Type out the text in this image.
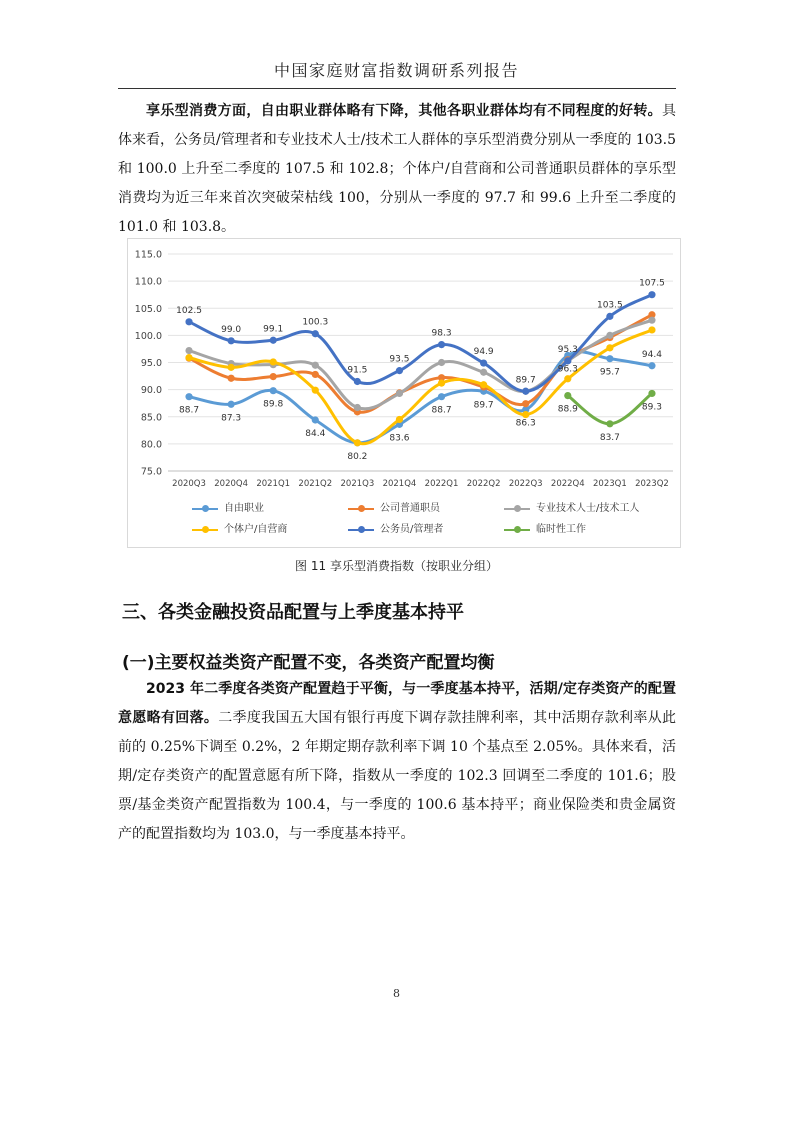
中国家庭财富指数调研系列报告

享乐型消费方面，自由职业群体略有下降，其他各职业群体均有不同程度的好转。具体来看，公务员/管理者和专业技术人士/技术工人群体的享乐型消费分别从一季度的 103.5 和 100.0 上升至二季度的 107.5 和 102.8；个体户/自营商和公司普通职员群体的享乐型消费均为近三年来首次突破荣枯线 100，分别从一季度的 97.7 和 99.6 上升至二季度的 101.0 和 103.8。

75.0
80.0
85.0
90.0
95.0
100.0
105.0
110.0
115.0
2020Q3 2020Q4 2021Q1 2021Q2 2021Q3 2021Q4 2022Q1 2022Q2 2022Q3 2022Q4 2023Q1 2023Q2
102.5
99.0 99.1
100.3
91.5
93.5
98.3
94.9
89.7
95.3
103.5
107.5
88.7
87.3
89.8
84.4
80.2
83.6
88.7
89.7
86.3
96.3 95.7
94.4
88.9
83.7
89.3
自由职业	公司普通职员	专业技术人士/技术工人
个体户/自营商	公务员/管理者	临时性工作
图 11 享乐型消费指数（按职业分组）
三、各类金融投资品配置与上季度基本持平
(一)主要权益类资产配置不变，各类资产配置均衡

2023 年二季度各类资产配置趋于平衡，与一季度基本持平，活期/定存类资产的配置意愿略有回落。二季度我国五大国有银行再度下调存款挂牌利率，其中活期存款利率从此前的 0.25%下调至 0.2%，2 年期定期存款利率下调 10 个基点至 2.05%。具体来看，活期/定存类资产的配置意愿有所下降，指数从一季度的 102.3 回调至二季度的 101.6；股票/基金类资产配置指数为 100.4，与一季度的 100.6 基本持平；商业保险类和贵金属资产的配置指数均为 103.0，与一季度基本持平。

8
